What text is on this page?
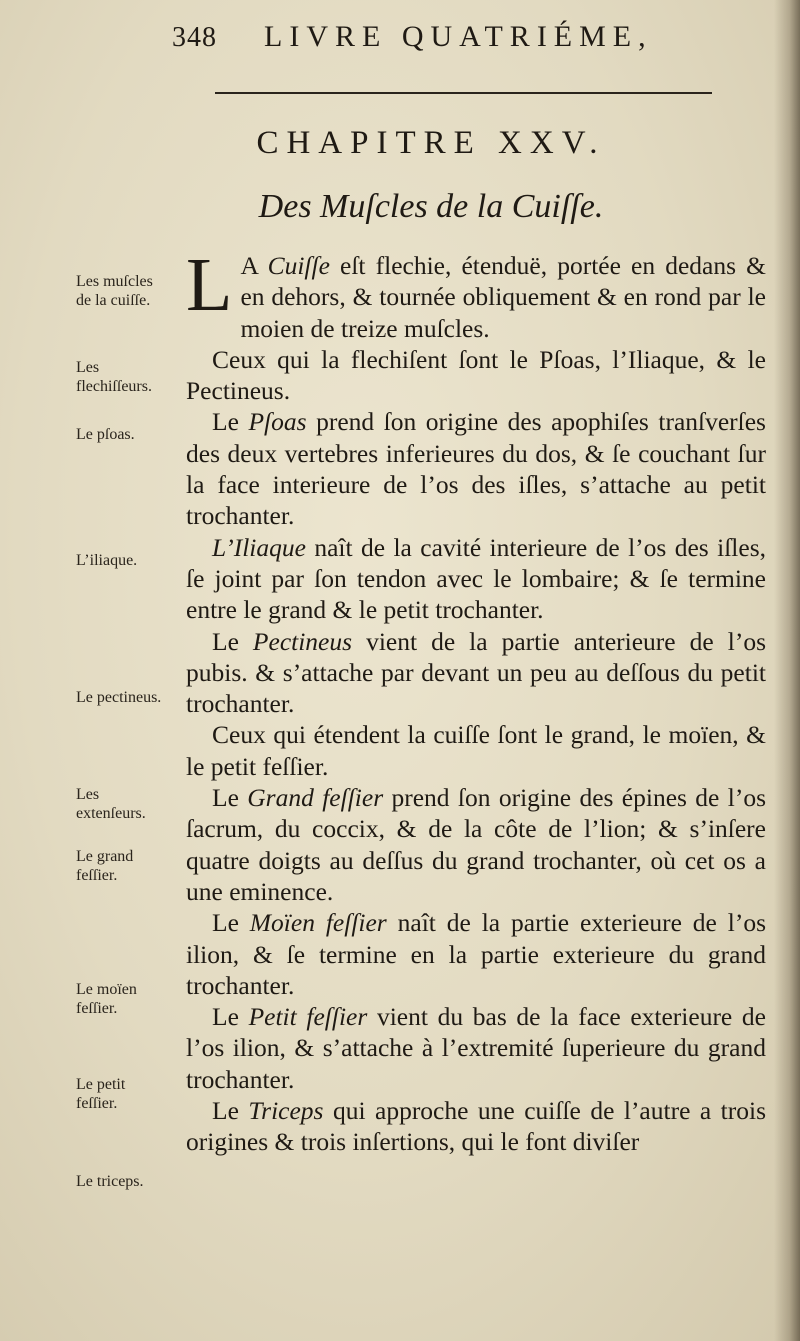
348 LIVRE QUATRIÉME,
CHAPITRE XXV.
Des Muſcles de la Cuiſſe.

L A Cuiſſe eſt flechie, étenduë, portée en dedans & en dehors, & tournée obliquement & en rond par le moien de treize muſcles.

Ceux qui la flechiſent ſont le Pſoas, l’Iliaque, & le Pectineus.

Le Pſoas prend ſon origine des apophiſes tranſverſes des deux vertebres inferieures du dos, & ſe couchant ſur la face interieure de l’os des iſles, s’attache au petit trochanter.

L’Iliaque naît de la cavité interieure de l’os des iſles, ſe joint par ſon tendon avec le lombaire; & ſe termine entre le grand & le petit trochanter.

Le Pectineus vient de la partie anterieure de l’os pubis. & s’attache par devant un peu au deſſous du petit trochanter.

Ceux qui étendent la cuiſſe ſont le grand, le moïen, & le petit feſſier.

Le Grand feſſier prend ſon origine des épines de l’os ſacrum, du coccix, & de la côte de l’lion; & s’inſere quatre doigts au deſſus du grand trochanter, où cet os a une eminence.

Le Moïen feſſier naît de la partie exterieure de l’os ilion, & ſe termine en la partie exterieure du grand trochanter.

Le Petit feſſier vient du bas de la face exterieure de l’os ilion, & s’attache à l’extremité ſuperieure du grand trochanter.

Le Triceps qui approche une cuiſſe de l’autre a trois origines & trois inſertions, qui le font diviſer

Les muſcles de la cuiſſe.
Les flechiſſeurs.
Le pſoas.
L’iliaque.
Le pectineus.
Les extenſeurs.
Le grand feſſier.
Le moïen feſſier.
Le petit feſſier.
Le triceps.
